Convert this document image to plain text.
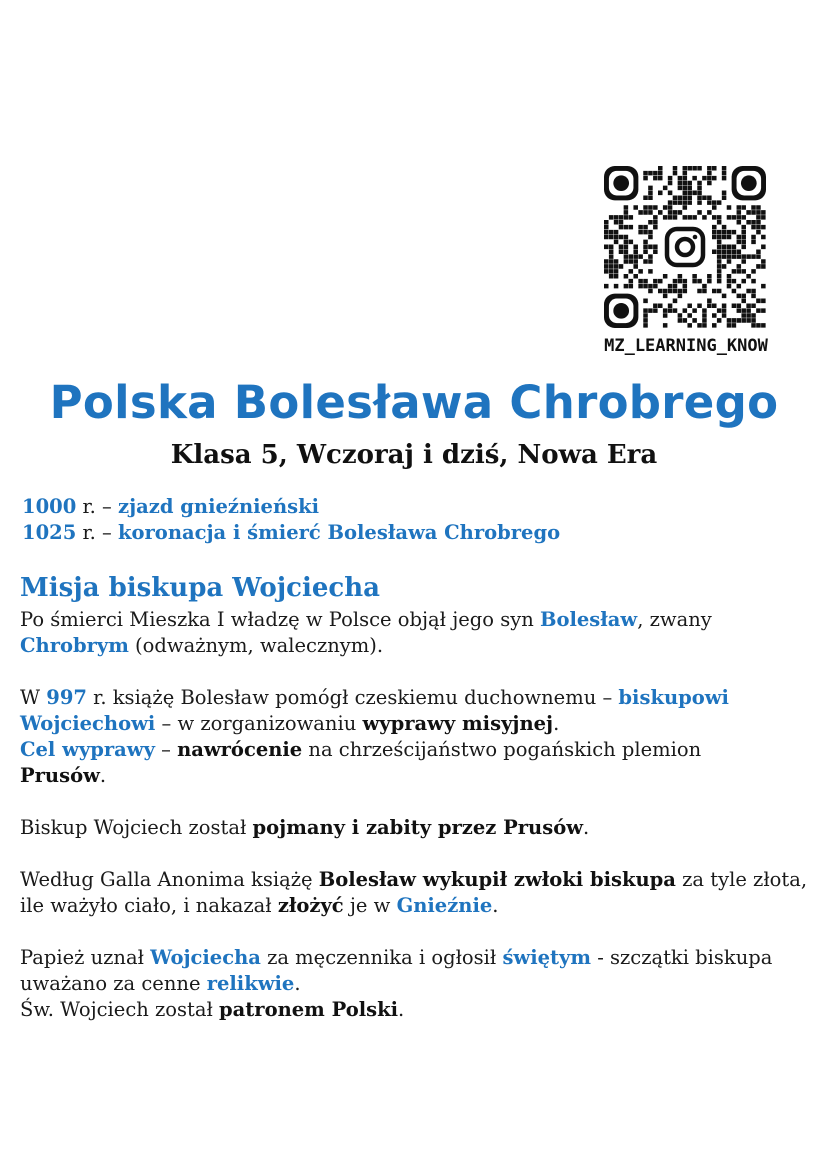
MZ_LEARNING_KNOW
Polska Bolesława Chrobrego
Klasa 5, Wczoraj i dziś, Nowa Era
1000 r. – zjazd gnieźnieński
1025 r. – koronacja i śmierć Bolesława Chrobrego
Misja biskupa Wojciecha

Po śmierci Mieszka I władzę w Polsce objął jego syn Bolesław, zwany
Chrobrym (odważnym, walecznym).

W 997 r. książę Bolesław pomógł czeskiemu duchownemu – biskupowi Wojciechowi – w zorganizowaniu wyprawy misyjnej.
Cel wyprawy – nawrócenie na chrześcijaństwo pogańskich plemion
Prusów.

Biskup Wojciech został pojmany i zabity przez Prusów.

Według Galla Anonima książę Bolesław wykupił zwłoki biskupa za tyle złota, ile ważyło ciało, i nakazał złożyć je w Gnieźnie.

Papież uznał Wojciecha za męczennika i ogłosił świętym - szczątki biskupa uważano za cenne relikwie.
Św. Wojciech został patronem Polski.
